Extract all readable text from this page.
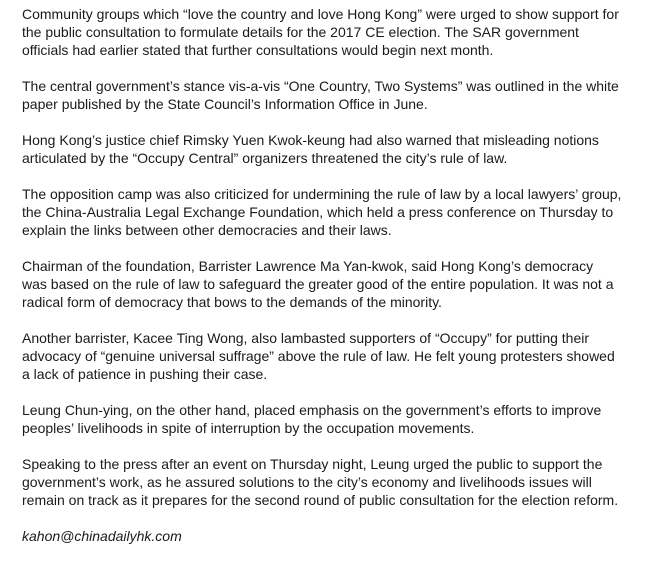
Community groups which “love the country and love Hong Kong” were urged to show support for
the public consultation to formulate details for the 2017 CE election. The SAR government
officials had earlier stated that further consultations would begin next month.

The central government’s stance vis-a-vis “One Country, Two Systems” was outlined in the white
paper published by the State Council’s Information Office in June.

Hong Kong’s justice chief Rimsky Yuen Kwok-keung had also warned that misleading notions
articulated by the “Occupy Central” organizers threatened the city’s rule of law.

The opposition camp was also criticized for undermining the rule of law by a local lawyers’ group,
the China-Australia Legal Exchange Foundation, which held a press conference on Thursday to
explain the links between other democracies and their laws.

Chairman of the foundation, Barrister Lawrence Ma Yan-kwok, said Hong Kong’s democracy
was based on the rule of law to safeguard the greater good of the entire population. It was not a
radical form of democracy that bows to the demands of the minority.

Another barrister, Kacee Ting Wong, also lambasted supporters of “Occupy” for putting their
advocacy of “genuine universal suffrage” above the rule of law. He felt young protesters showed
a lack of patience in pushing their case.

Leung Chun-ying, on the other hand, placed emphasis on the government’s efforts to improve
peoples’ livelihoods in spite of interruption by the occupation movements.

Speaking to the press after an event on Thursday night, Leung urged the public to support the
government’s work, as he assured solutions to the city’s economy and livelihoods issues will
remain on track as it prepares for the second round of public consultation for the election reform.

kahon@chinadailyhk.com
